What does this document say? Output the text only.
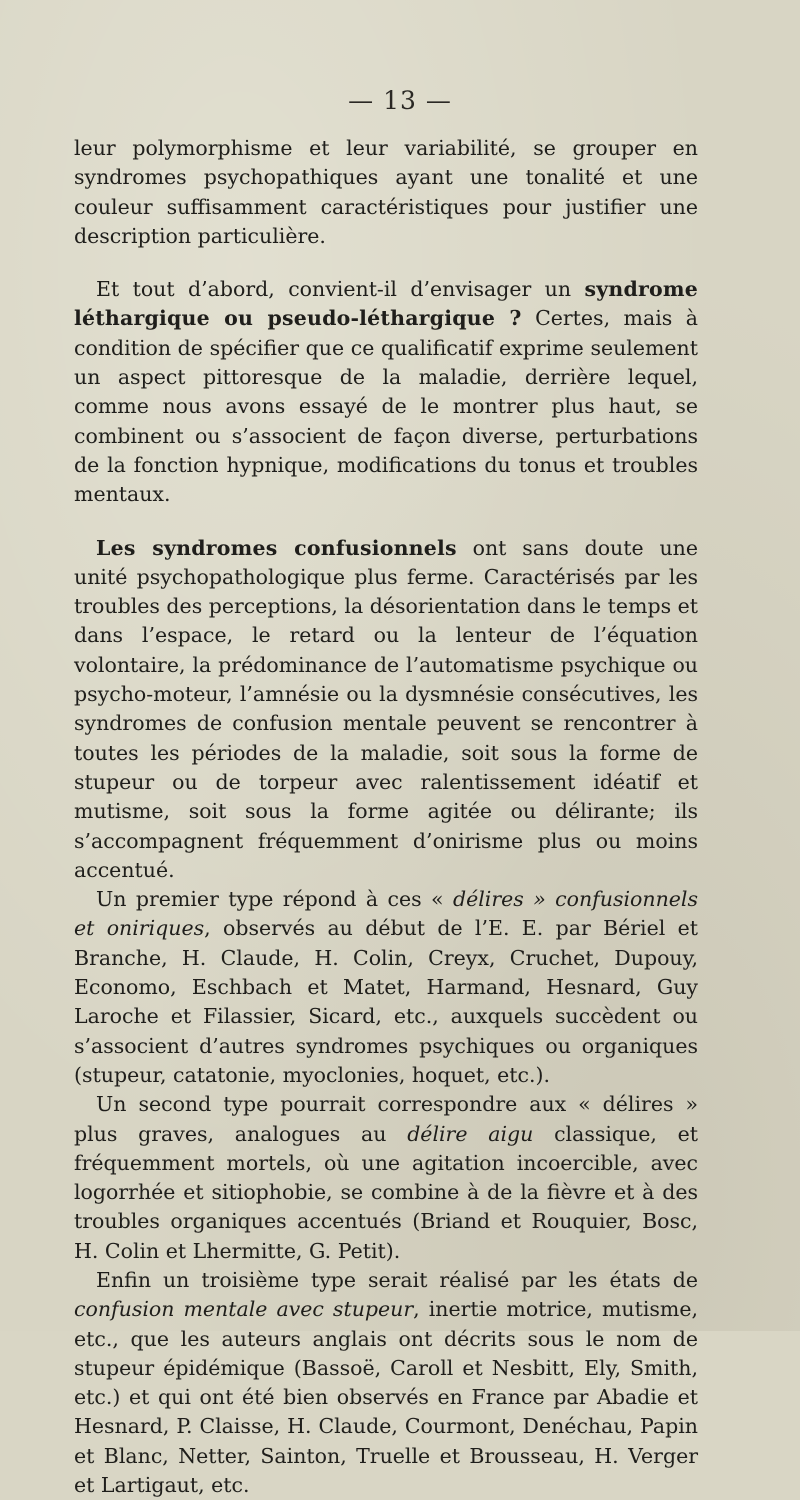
— 13 —

leur polymorphisme et leur variabilité, se grouper en syndromes psychopathiques ayant une tonalité et une couleur suffisamment caractéristiques pour justifier une description particulière.

Et tout d’abord, convient-il d’envisager un syndrome léthargique ou pseudo-léthargique ? Certes, mais à condition de spécifier que ce qualificatif exprime seulement un aspect pittoresque de la maladie, derrière lequel, comme nous avons essayé de le montrer plus haut, se combinent ou s’associent de façon diverse, perturbations de la fonction hypnique, modifications du tonus et troubles mentaux.

Les syndromes confusionnels ont sans doute une unité psychopathologique plus ferme. Caractérisés par les troubles des perceptions, la désorientation dans le temps et dans l’espace, le retard ou la lenteur de l’équation volontaire, la prédominance de l’automatisme psychique ou psycho-moteur, l’amnésie ou la dysmnésie consécutives, les syndromes de confusion mentale peuvent se rencontrer à toutes les périodes de la maladie, soit sous la forme de stupeur ou de torpeur avec ralentissement idéatif et mutisme, soit sous la forme agitée ou délirante; ils s’accompagnent fréquemment d’onirisme plus ou moins accentué.

Un premier type répond à ces « délires » confusionnels et oniriques, observés au début de l’E. E. par Bériel et Branche, H. Claude, H. Colin, Creyx, Cruchet, Dupouy, Economo, Eschbach et Matet, Harmand, Hesnard, Guy Laroche et Filassier, Sicard, etc., auxquels succèdent ou s’associent d’autres syndromes psychiques ou organiques (stupeur, catatonie, myoclonies, hoquet, etc.).

Un second type pourrait correspondre aux « délires » plus graves, analogues au délire aigu classique, et fréquemment mortels, où une agitation incoercible, avec logorrhée et sitiophobie, se combine à de la fièvre et à des troubles organiques accentués (Briand et Rouquier, Bosc, H. Colin et Lhermitte, G. Petit).

Enfin un troisième type serait réalisé par les états de confusion mentale avec stupeur, inertie motrice, mutisme, etc., que les auteurs anglais ont décrits sous le nom de stupeur épidémique (Bassoë, Caroll et Nesbitt, Ely, Smith, etc.) et qui ont été bien observés en France par Abadie et Hesnard, P. Claisse, H. Claude, Courmont, Denéchau, Papin et Blanc, Netter, Sainton, Truelle et Brousseau, H. Verger et Lartigaut, etc.
